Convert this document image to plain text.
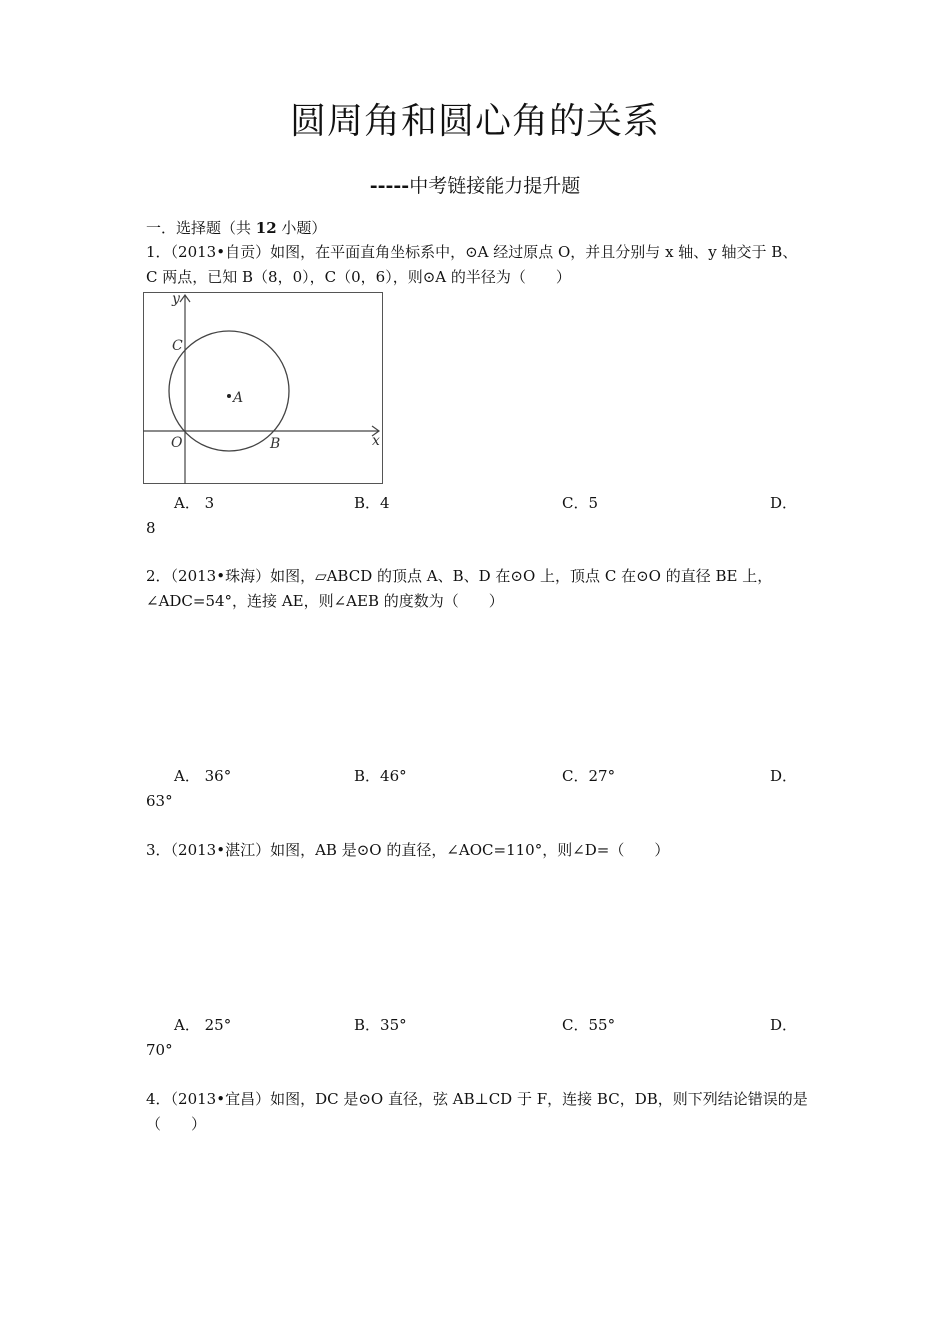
圆周角和圆心角的关系
-----中考链接能力提升题
一．选择题（共 12 小题）
1．（2013•自贡）如图，在平面直角坐标系中，⊙A 经过原点 O，并且分别与 x 轴、y 轴交于 B、C 两点，已知 B（8，0），C（0，6），则⊙A 的半径为（　　）
y
x
O
A
B
C
A． 3	B．4	C．5	D．
8
2．（2013•珠海）如图，▱ABCD 的顶点 A、B、D 在⊙O 上，顶点 C 在⊙O 的直径 BE 上，∠ADC=54°，连接 AE，则∠AEB 的度数为（　　）
A． 36°	B．46°	C．27°	D．
63°
3．（2013•湛江）如图，AB 是⊙O 的直径，∠AOC=110°，则∠D=（　　）
A． 25°	B．35°	C．55°	D．
70°
4．（2013•宜昌）如图，DC 是⊙O 直径，弦 AB⊥CD 于 F，连接 BC，DB，则下列结论错误的是（　　）
